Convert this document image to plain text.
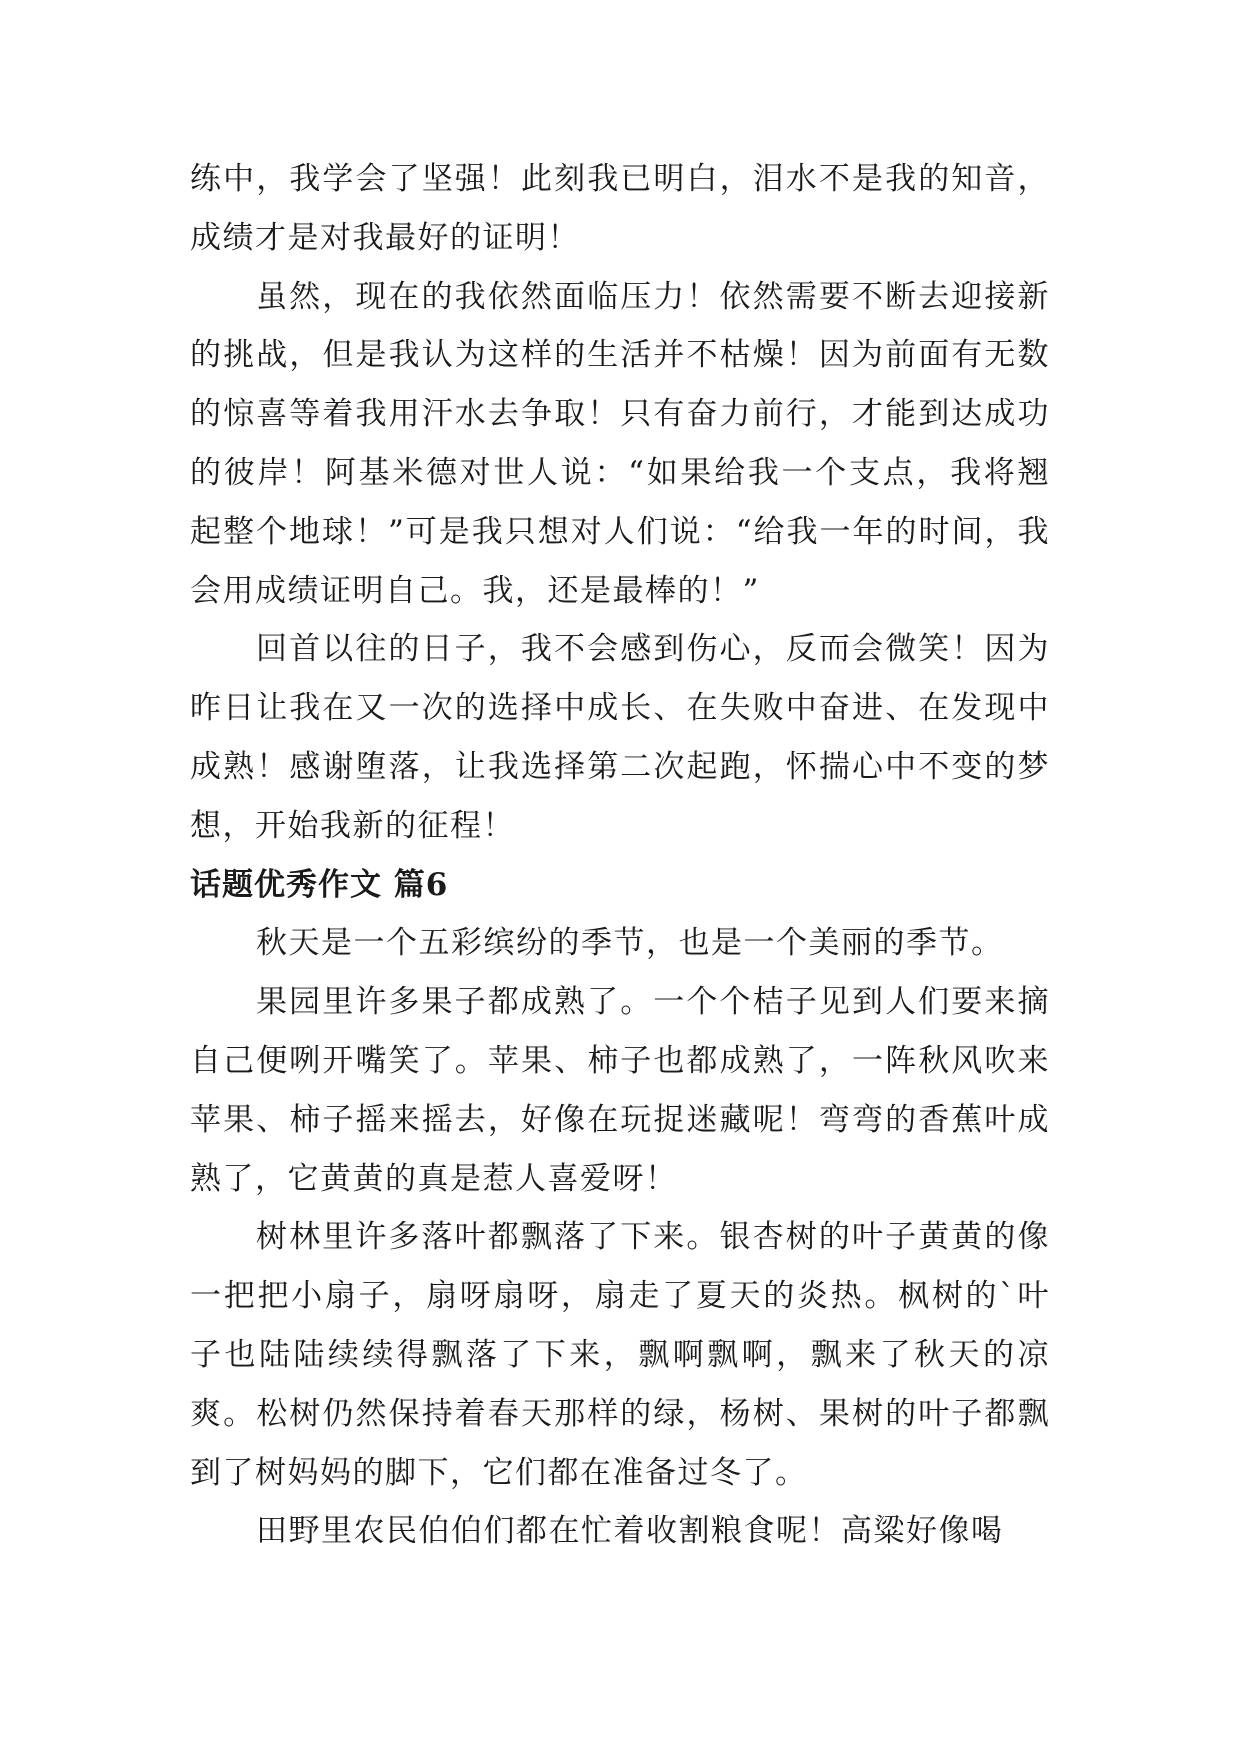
练中，我学会了坚强！此刻我已明白，泪水不是我的知音，成绩才是对我最好的证明！

虽然，现在的我依然面临压力！依然需要不断去迎接新的挑战，但是我认为这样的生活并不枯燥！因为前面有无数的惊喜等着我用汗水去争取！只有奋力前行，才能到达成功的彼岸！阿基米德对世人说：“如果给我一个支点，我将翘起整个地球！”可是我只想对人们说：“给我一年的时间，我会用成绩证明自己。我，还是最棒的！”

回首以往的日子，我不会感到伤心，反而会微笑！因为昨日让我在又一次的选择中成长、在失败中奋进、在发现中成熟！感谢堕落，让我选择第二次起跑，怀揣心中不变的梦想，开始我新的征程！

话题优秀作文 篇6

秋天是一个五彩缤纷的季节，也是一个美丽的季节。

果园里许多果子都成熟了。一个个桔子见到人们要来摘自己便咧开嘴笑了。苹果、柿子也都成熟了，一阵秋风吹来苹果、柿子摇来摇去，好像在玩捉迷藏呢！弯弯的香蕉叶成熟了，它黄黄的真是惹人喜爱呀！

树林里许多落叶都飘落了下来。银杏树的叶子黄黄的像一把把小扇子，扇呀扇呀，扇走了夏天的炎热。枫树的`叶子也陆陆续续得飘落了下来，飘啊飘啊，飘来了秋天的凉爽。松树仍然保持着春天那样的绿，杨树、果树的叶子都飘到了树妈妈的脚下，它们都在准备过冬了。

田野里农民伯伯们都在忙着收割粮食呢！高粱好像喝
